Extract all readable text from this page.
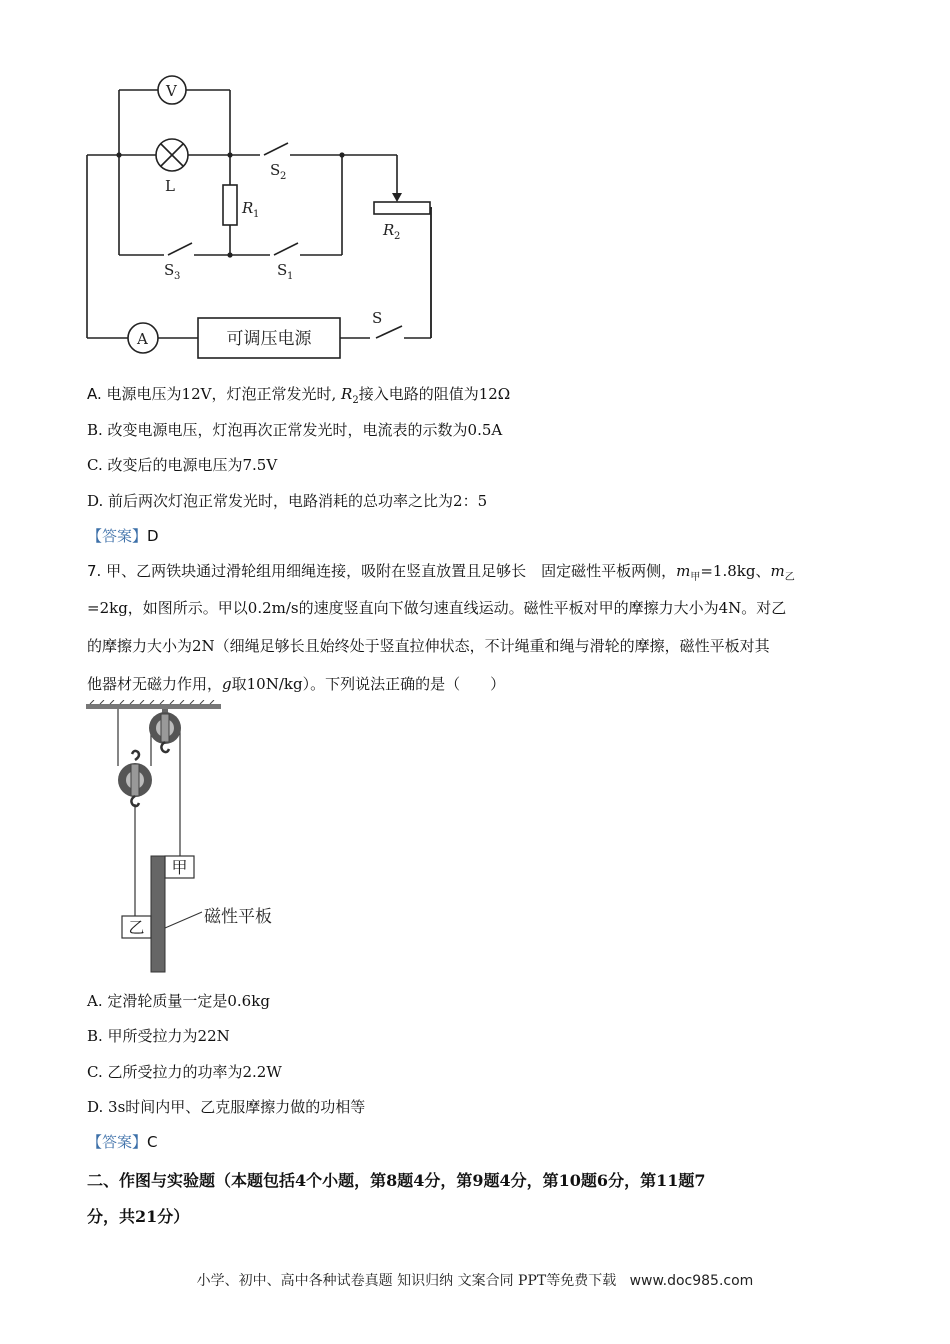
V
A
L
R 1
R 2
S 2
S 3	S 1
S
可调压电源
A. 电源电压为12V，灯泡正常发光时, $R_2$接入电路的阻值为12Ω
B. 改变电源电压，灯泡再次正常发光时，电流表的示数为0.5A
C. 改变后的电源电压为7.5V
D. 前后两次灯泡正常发光时，电路消耗的总功率之比为2：5
【答案】D
7. 甲、乙两铁块通过滑轮组用细绳连接，吸附在竖直放置且足够长　固定磁性平板两侧，$m_甲=1.8kg$、$m_乙$
=2kg，如图所示。甲以0.2m/s的速度竖直向下做匀速直线运动。磁性平板对甲的摩擦力大小为4N。对乙
的摩擦力大小为2N（细绳足够长且始终处于竖直拉伸状态，不计绳重和绳与滑轮的摩擦，磁性平板对其
他器材无磁力作用，g取10N/kg）。下列说法正确的是（　　）
甲
乙
磁性平板
A. 定滑轮质量一定是0.6kg
B. 甲所受拉力为22N
C. 乙所受拉力的功率为2.2W
D. 3s时间内甲、乙克服摩擦力做的功相等
【答案】C
二、作图与实验题（本题包括4个小题，第8题4分，第9题4分，第10题6分，第11题7
分，共21分）
小学、初中、高中各种试卷真题 知识归纳 文案合同 PPT等免费下载 www.doc985.com
